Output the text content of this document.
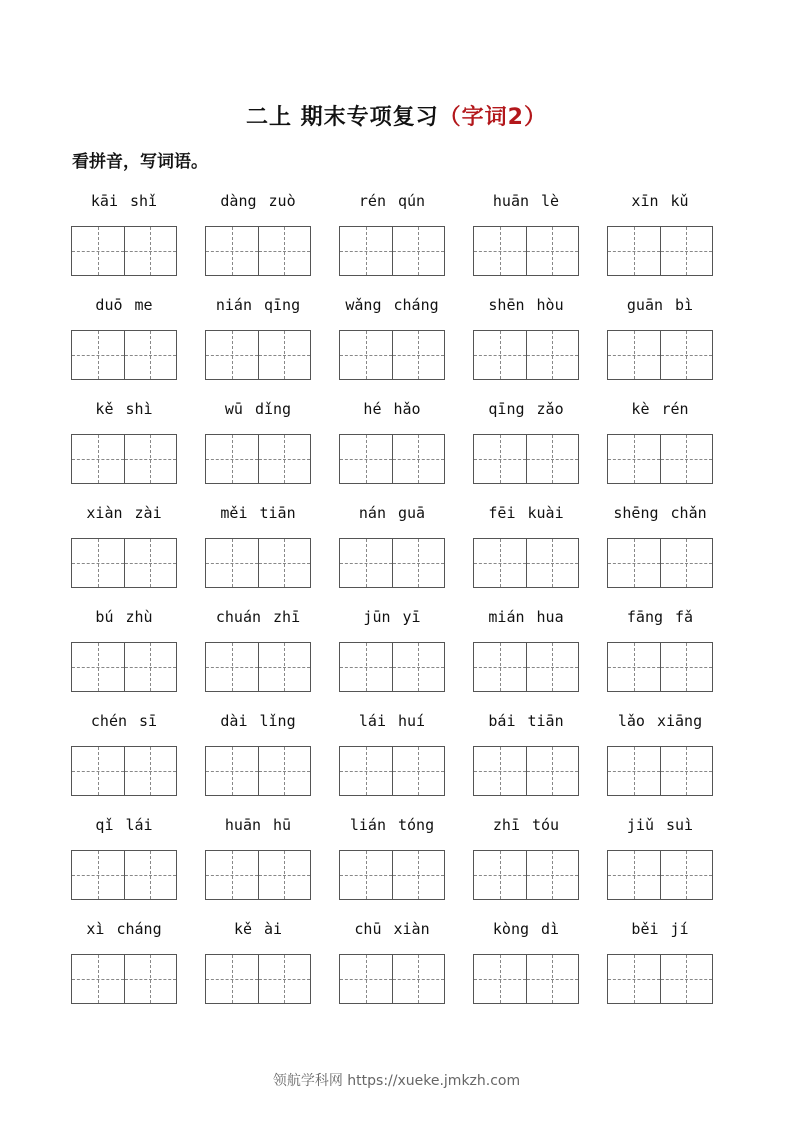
二上 期末专项复习（字词2）
看拼音，写词语。
kāi shǐ	dàng zuò	rén qún	huān lè	xīn kǔ
duō me	nián qīng	wǎng cháng	shēn hòu	guān bì
kě shì	wū dǐng	hé hǎo	qīng zǎo	kè rén
xiàn zài	měi tiān	nán guā	fēi kuài	shēng chǎn
bú zhù	chuán zhī	jūn yī	mián hua	fāng fǎ
chén sī	dài lǐng	lái huí	bái tiān	lǎo xiāng
qǐ lái	huān hū	lián tóng	zhī tóu	jiǔ suì
xì cháng	kě ài	chū xiàn	kòng dì	běi jí
领航学科网 https://xueke.jmkzh.com
